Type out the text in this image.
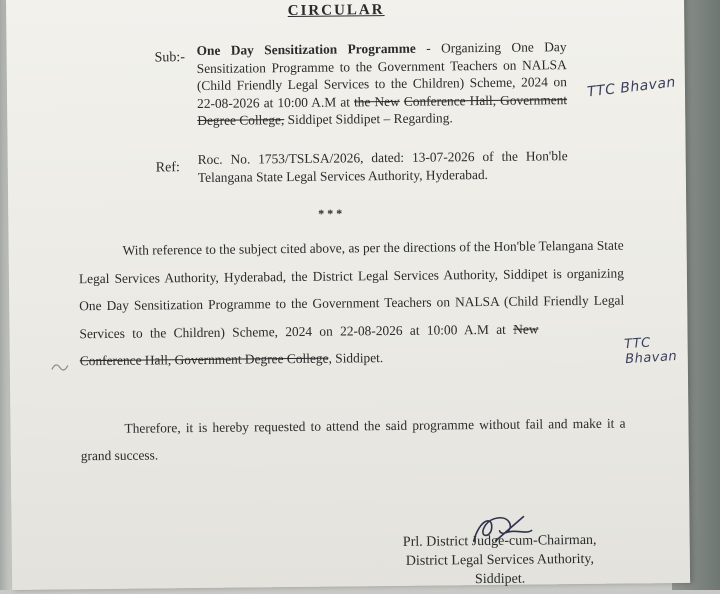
CIRCULAR
Sub:- One Day Sensitization Programme - Organizing One Day Sensitization Programme to the Government Teachers on NALSA (Child Friendly Legal Services to the Children) Scheme, 2024 on 22-08-2026 at 10:00 A.M at the New Conference Hall, Government Degree College, Siddipet Siddipet – Regarding.
TTC Bhavan
Ref:
Roc. No. 1753/TSLSA/2026, dated: 13-07-2026 of the Hon'ble Telangana State Legal Services Authority, Hyderabad.
***
With reference to the subject cited above, as per the directions of the Hon'ble Telangana State Legal Services Authority, Hyderabad, the District Legal Services Authority, Siddipet is organizing One Day Sensitization Programme to the Government Teachers on NALSA (Child Friendly Legal Services to the Children) Scheme, 2024 on 22-08-2026 at 10:00 A.M at New Conference Hall, Government Degree College, Siddipet.
TTC Bhavan
Therefore, it is hereby requested to attend the said programme without fail and make it a grand success.
Prl. District Judge-cum-Chairman,
District Legal Services Authority,
Siddipet.
